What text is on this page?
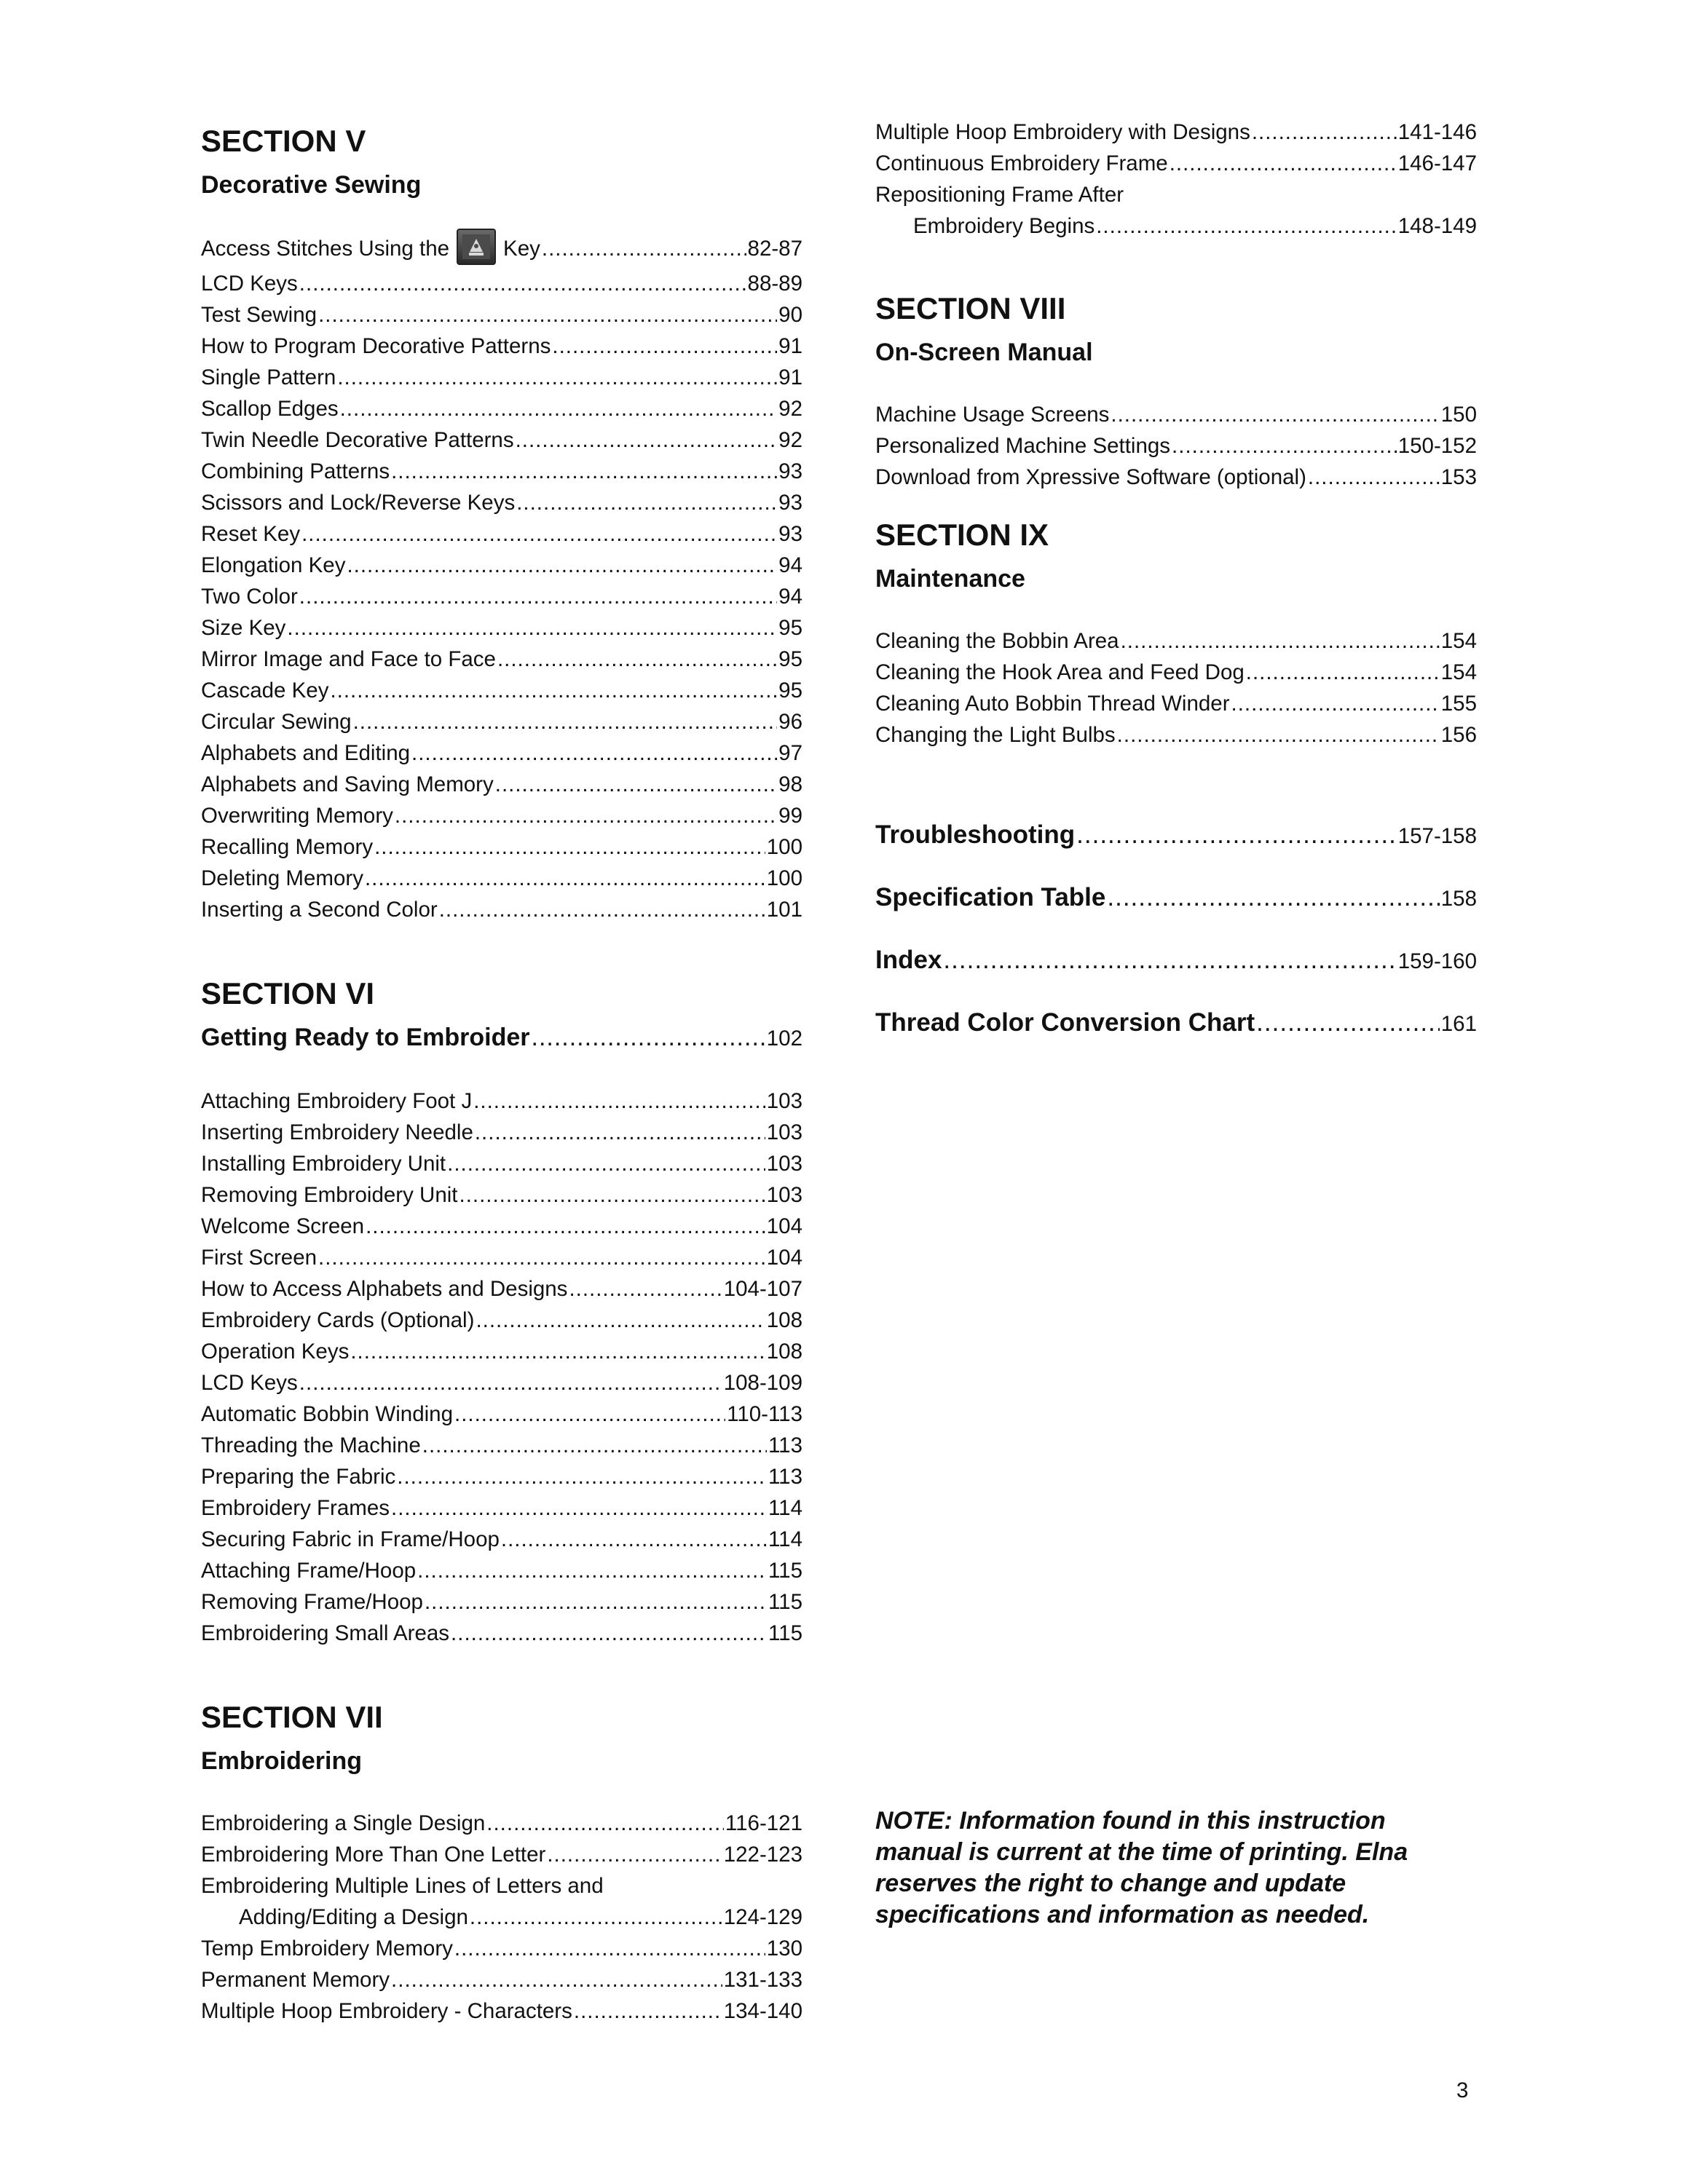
SECTION V
Decorative Sewing
Access Stitches Using the	Key .....	82-87
LCD Keys .....	88-89
Test Sewing .....	90
How to Program Decorative Patterns .....	91
Single Pattern .....	91
Scallop Edges .....	92
Twin Needle Decorative Patterns .....	92
Combining Patterns .....	93
Scissors and Lock/Reverse Keys .....	93
Reset Key .....	93
Elongation Key .....	94
Two Color .....	94
Size Key .....	95
Mirror Image and Face to Face .....	95
Cascade Key .....	95
Circular Sewing .....	96
Alphabets and Editing .....	97
Alphabets and Saving Memory .....	98
Overwriting Memory .....	99
Recalling Memory .....	100
Deleting Memory .....	100
Inserting a Second Color .....	101
SECTION VI
Getting Ready to Embroider .....	102
Attaching Embroidery Foot J .....	103
Inserting Embroidery Needle .....	103
Installing Embroidery Unit .....	103
Removing Embroidery Unit .....	103
Welcome Screen .....	104
First Screen .....	104
How to Access Alphabets and Designs .....	104-107
Embroidery Cards (Optional) .....	108
Operation Keys .....	108
LCD Keys .....	108-109
Automatic Bobbin Winding .....	110-113
Threading the Machine .....	113
Preparing the Fabric .....	113
Embroidery Frames .....	114
Securing Fabric in Frame/Hoop .....	114
Attaching Frame/Hoop .....	115
Removing Frame/Hoop .....	115
Embroidering Small Areas .....	115
SECTION VII
Embroidering
Embroidering a Single Design .....	116-121
Embroidering More Than One Letter .....	122-123
Embroidering Multiple Lines of Letters and
Adding/Editing a Design .....	124-129
Temp Embroidery Memory .....	130
Permanent Memory .....	131-133
Multiple Hoop Embroidery - Characters .....	134-140
Multiple Hoop Embroidery with Designs .....	141-146
Continuous Embroidery Frame .....	146-147
Repositioning Frame After
Embroidery Begins .....	148-149
SECTION VIII
On-Screen Manual
Machine Usage Screens .....	150
Personalized Machine Settings .....	150-152
Download from Xpressive Software (optional) .....	153
SECTION IX
Maintenance
Cleaning the Bobbin Area .....	154
Cleaning the Hook Area and Feed Dog .....	154
Cleaning Auto Bobbin Thread Winder .....	155
Changing the Light Bulbs .....	156
Troubleshooting .....	157-158
Specification Table .....	158
Index .....	159-160
Thread Color Conversion Chart .....	161
NOTE: Information found in this instruction manual is current at the time of printing. Elna reserves the right to change and update specifications and information as needed.
3
